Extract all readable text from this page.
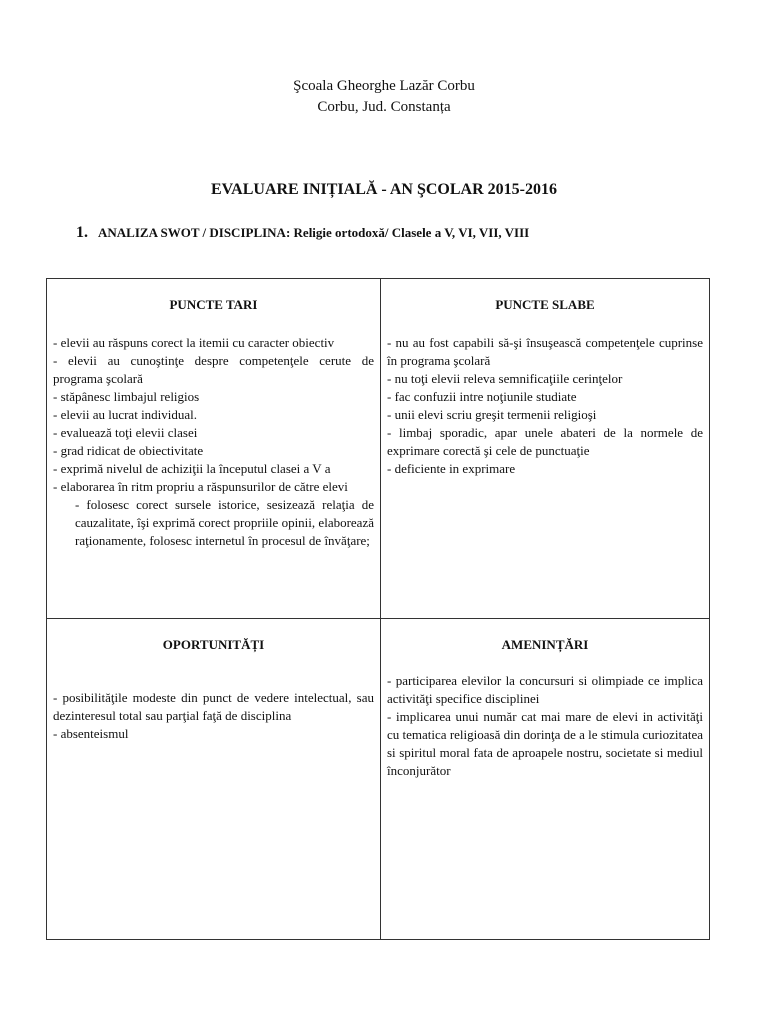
Şcoala Gheorghe Lazăr Corbu
Corbu, Jud. Constanța
EVALUARE INIȚIALĂ - AN ŞCOLAR 2015-2016
1. ANALIZA SWOT / DISCIPLINA: Religie ortodoxă/ Clasele a V, VI, VII, VIII
PUNCTE TARI
- elevii au răspuns corect la itemii cu caracter obiectiv
- elevii au cunoştinţe despre competenţele cerute de programa şcolară
- stăpânesc limbajul religios
- elevii au lucrat individual.
- evaluează toţi elevii clasei
- grad ridicat de obiectivitate
- exprimă nivelul de achiziţii la începutul clasei a V a
- elaborarea în ritm propriu a răspunsurilor de către elevi
- folosesc corect sursele istorice, sesizează relaţia de cauzalitate, îşi exprimă corect propriile opinii, elaborează raţionamente, folosesc internetul în procesul de învăţare;
PUNCTE SLABE
- nu au fost capabili să-şi însuşească competenţele cuprinse în programa şcolară
- nu toţi elevii releva semnificaţiile cerinţelor
- fac confuzii intre noţiunile studiate
- unii elevi scriu greşit termenii religioşi
- limbaj sporadic, apar unele abateri de la normele de exprimare corectă şi cele de punctuaţie
- deficiente in exprimare
OPORTUNITĂȚI
- posibilităţile modeste din punct de vedere intelectual, sau dezinteresul total sau parţial faţă de disciplina
- absenteismul
AMENINȚĂRI
- participarea elevilor la concursuri si olimpiade ce implica activităţi specifice disciplinei
- implicarea unui număr cat mai mare de elevi in activităţi cu tematica religioasă din dorinţa de a le stimula curiozitatea si spiritul moral fata de aproapele nostru, societate si mediul înconjurător
